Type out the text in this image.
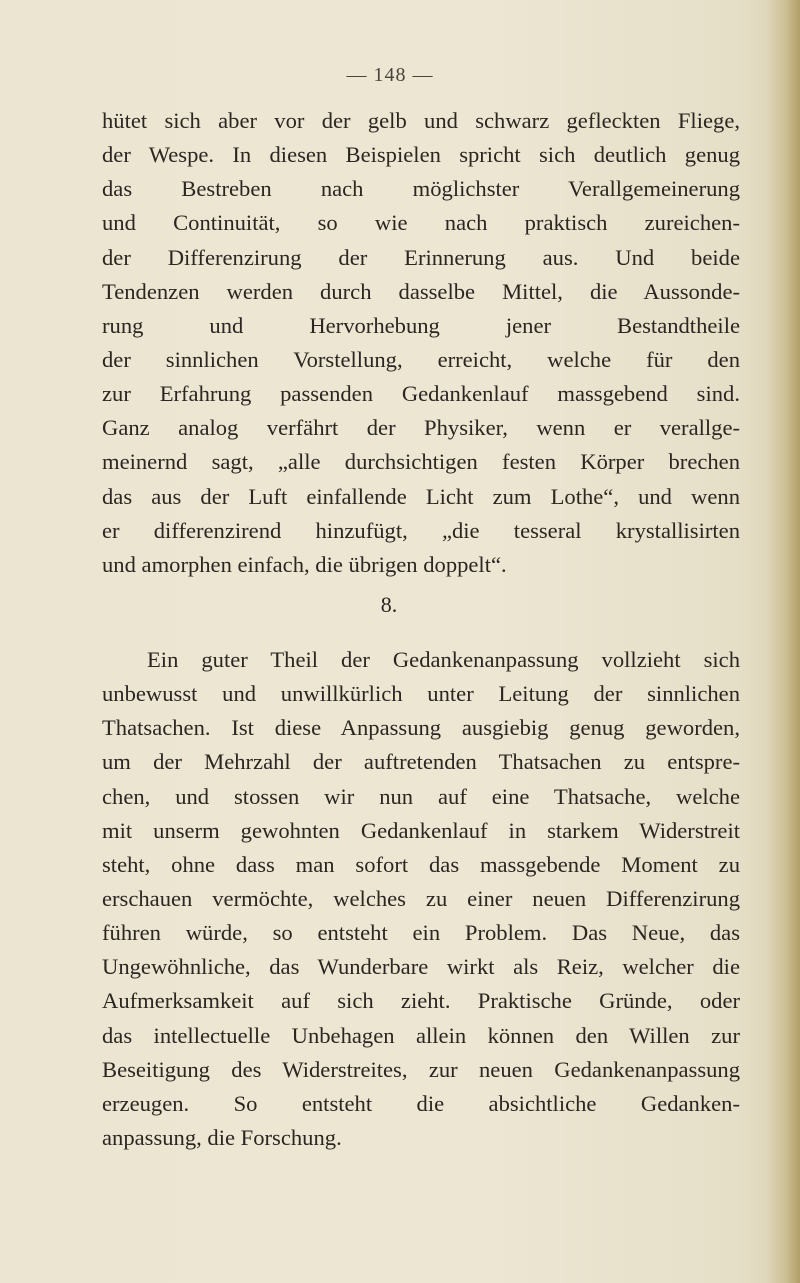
— 148 —
hütet sich aber vor der gelb und schwarz gefleckten Fliege,
der Wespe. In diesen Beispielen spricht sich deutlich genug
das Bestreben nach möglichster Verallgemeinerung
und Continuität, so wie nach praktisch zureichen-
der Differenzirung der Erinnerung aus. Und beide
Tendenzen werden durch dasselbe Mittel, die Aussonde-
rung und Hervorhebung jener Bestandtheile
der sinnlichen Vorstellung, erreicht, welche für den
zur Erfahrung passenden Gedankenlauf massgebend sind.
Ganz analog verfährt der Physiker, wenn er verallge-
meinernd sagt, „alle durchsichtigen festen Körper brechen
das aus der Luft einfallende Licht zum Lothe“, und wenn
er differenzirend hinzufügt, „die tesseral krystallisirten
und amorphen einfach, die übrigen doppelt“.
8.
Ein guter Theil der Gedankenanpassung vollzieht sich
unbewusst und unwillkürlich unter Leitung der sinnlichen
Thatsachen. Ist diese Anpassung ausgiebig genug geworden,
um der Mehrzahl der auftretenden Thatsachen zu entspre-
chen, und stossen wir nun auf eine Thatsache, welche
mit unserm gewohnten Gedankenlauf in starkem Widerstreit
steht, ohne dass man sofort das massgebende Moment zu
erschauen vermöchte, welches zu einer neuen Differenzirung
führen würde, so entsteht ein Problem. Das Neue, das
Ungewöhnliche, das Wunderbare wirkt als Reiz, welcher die
Aufmerksamkeit auf sich zieht. Praktische Gründe, oder
das intellectuelle Unbehagen allein können den Willen zur
Beseitigung des Widerstreites, zur neuen Gedankenanpassung
erzeugen. So entsteht die absichtliche Gedanken-
anpassung, die Forschung.
